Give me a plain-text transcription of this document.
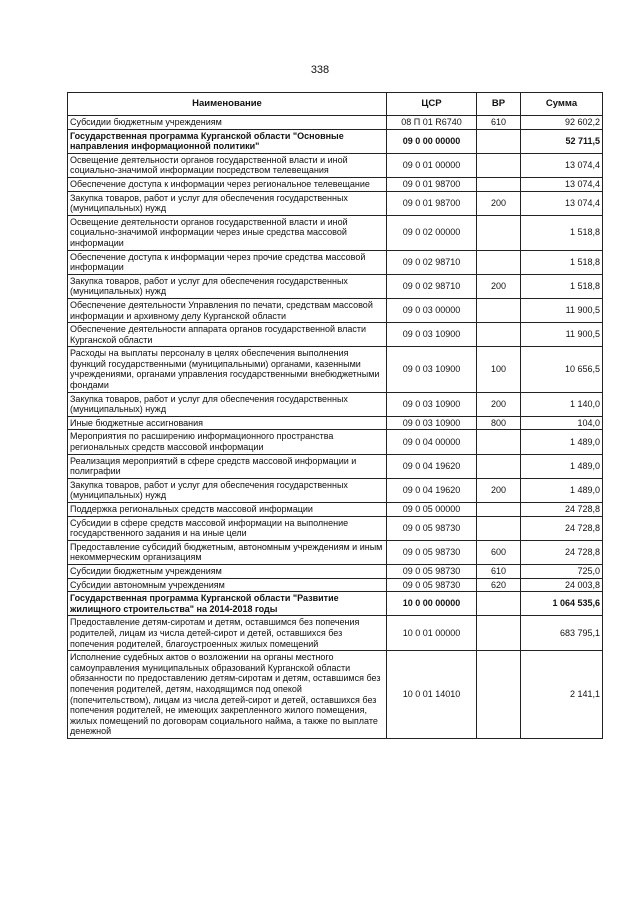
338
Наименование	ЦСР	ВР	Сумма
Субсидии бюджетным учреждениям	08 П 01 R6740	610	92 602,2
Государственная программа Курганской области "Основные направления информационной политики"	09 0 00 00000		52 711,5
Освещение деятельности органов государственной власти и иной социально-значимой информации посредством телевещания	09 0 01 00000		13 074,4
Обеспечение доступа к информации через региональное телевещание	09 0 01 98700		13 074,4
Закупка товаров, работ и услуг для обеспечения государственных (муниципальных) нужд	09 0 01 98700	200	13 074,4
Освещение деятельности органов государственной власти и иной социально-значимой информации через иные средства массовой информации	09 0 02 00000		1 518,8
Обеспечение доступа к информации через прочие средства массовой информации	09 0 02 98710		1 518,8
Закупка товаров, работ и услуг для обеспечения государственных (муниципальных) нужд	09 0 02 98710	200	1 518,8
Обеспечение деятельности Управления по печати, средствам массовой информации и архивному делу Курганской области	09 0 03 00000		11 900,5
Обеспечение деятельности аппарата органов государственной власти Курганской области	09 0 03 10900		11 900,5
Расходы на выплаты персоналу в целях обеспечения выполнения функций государственными (муниципальными) органами, казенными учреждениями, органами управления государственными внебюджетными фондами	09 0 03 10900	100	10 656,5
Закупка товаров, работ и услуг для обеспечения государственных (муниципальных) нужд	09 0 03 10900	200	1 140,0
Иные бюджетные ассигнования	09 0 03 10900	800	104,0
Мероприятия по расширению информационного пространства региональных средств массовой информации	09 0 04 00000		1 489,0
Реализация мероприятий в сфере средств массовой информации и полиграфии	09 0 04 19620		1 489,0
Закупка товаров, работ и услуг для обеспечения государственных (муниципальных) нужд	09 0 04 19620	200	1 489,0
Поддержка региональных средств массовой информации	09 0 05 00000		24 728,8
Субсидии в сфере средств массовой информации на выполнение государственного задания и на иные цели	09 0 05 98730		24 728,8
Предоставление субсидий бюджетным, автономным учреждениям и иным некоммерческим организациям	09 0 05 98730	600	24 728,8
Субсидии бюджетным учреждениям	09 0 05 98730	610	725,0
Субсидии автономным учреждениям	09 0 05 98730	620	24 003,8
Государственная программа Курганской области "Развитие жилищного строительства" на 2014-2018 годы	10 0 00 00000		1 064 535,6
Предоставление детям-сиротам и детям, оставшимся без попечения родителей, лицам из числа детей-сирот и детей, оставшихся без попечения родителей, благоустроенных жилых помещений	10 0 01 00000		683 795,1
Исполнение судебных актов о возложении на органы местного самоуправления муниципальных образований Курганской области обязанности по предоставлению детям-сиротам и детям, оставшимся без попечения родителей, детям, находящимся под опекой (попечительством), лицам из числа детей-сирот и детей, оставшихся без попечения родителей, не имеющих закрепленного жилого помещения, жилых помещений по договорам социального найма, а также по выплате денежной	10 0 01 14010		2 141,1
